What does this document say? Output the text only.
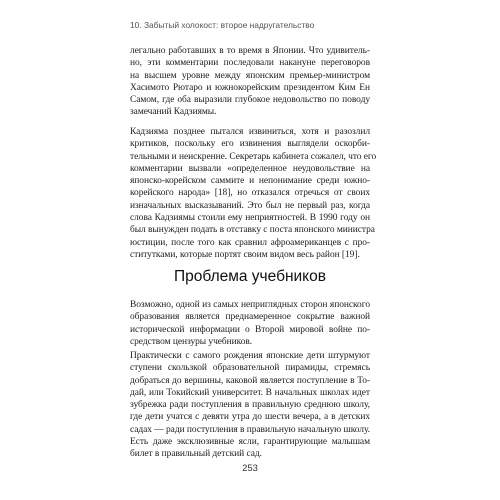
10. Забытый холокост: второе надругательство
легально работавших в то время в Японии. Что удивитель-
но, эти комментарии последовали накануне переговоров
на высшем уровне между японским премьер-министром
Хасимото Рютаро и южнокорейским президентом Ким Ен
Самом, где оба выразили глубокое недовольство по поводу
замечаний Кадзиямы.
Кадзияма позднее пытался извиниться, хотя и разозлил
критиков, поскольку его извинения выглядели оскорби-
тельными и неискренне. Секретарь кабинета сожалел, что его
комментарии вызвали «определенное неудовольствие на
японско-корейском саммите и непонимание среди южно-
корейского народа» [18], но отказался отречься от своих
изначальных высказываний. Это был не первый раз, когда
слова Кадзиямы стоили ему неприятностей. В 1990 году он
был вынужден подать в отставку с поста японского министра
юстиции, после того как сравнил афроамериканцев с про-
ститутками, которые портят своим видом весь район [19].
Проблема учебников
Возможно, одной из самых неприглядных сторон японского
образования является преднамеренное сокрытие важной
исторической информации о Второй мировой войне по-
средством цензуры учебников.
Практически с самого рождения японские дети штурмуют
ступени скользкой образовательной пирамиды, стремясь
добраться до вершины, каковой является поступление в То-
дай, или Токийский университет. В начальных школах идет
зубрежка ради поступления в правильную среднюю школу,
где дети учатся с девяти утра до шести вечера, а в детских
садах — ради поступления в правильную начальную школу.
Есть даже эксклюзивные ясли, гарантирующие малышам
билет в правильный детский сад.
253
